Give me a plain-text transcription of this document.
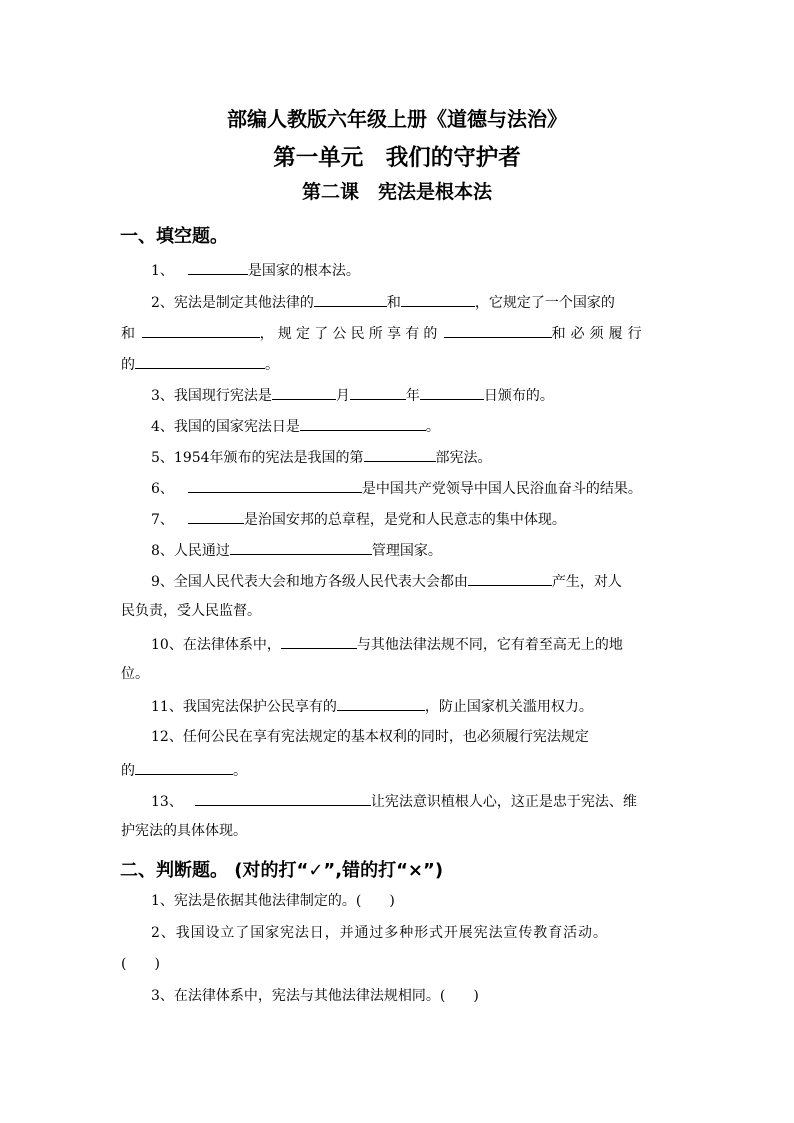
部编人教版六年级上册《道德与法治》
第一单元　我们的守护者
第二课　宪法是根本法
一、填空题。
1、	是国家的根本法。
2、宪法是制定其他法律的	和	，它规定了一个国家的
和	，规定了公民所享有的	和必须履行
的	。
3、我国现行宪法是	月	年	日颁布的。
4、我国的国家宪法日是	。
5、1954年颁布的宪法是我国的第	部宪法。
6、	是中国共产党领导中国人民浴血奋斗的结果。
7、	是治国安邦的总章程，是党和人民意志的集中体现。
8、人民通过	管理国家。
9、全国人民代表大会和地方各级人民代表大会都由	产生，对人
民负责，受人民监督。
10、在法律体系中，	与其他法律法规不同，它有着至高无上的地
位。
11、我国宪法保护公民享有的	，防止国家机关滥用权力。
12、任何公民在享有宪法规定的基本权利的同时，也必须履行宪法规定
的	。
13、	让宪法意识植根人心，这正是忠于宪法、维
护宪法的具体体现。
二、判断题。 (对的打“✓”,错的打“×”)
1、宪法是依据其他法律制定的。(　　)
2、我国设立了国家宪法日，并通过多种形式开展宪法宣传教育活动。
(　　)
3、在法律体系中，宪法与其他法律法规相同。(　　)
